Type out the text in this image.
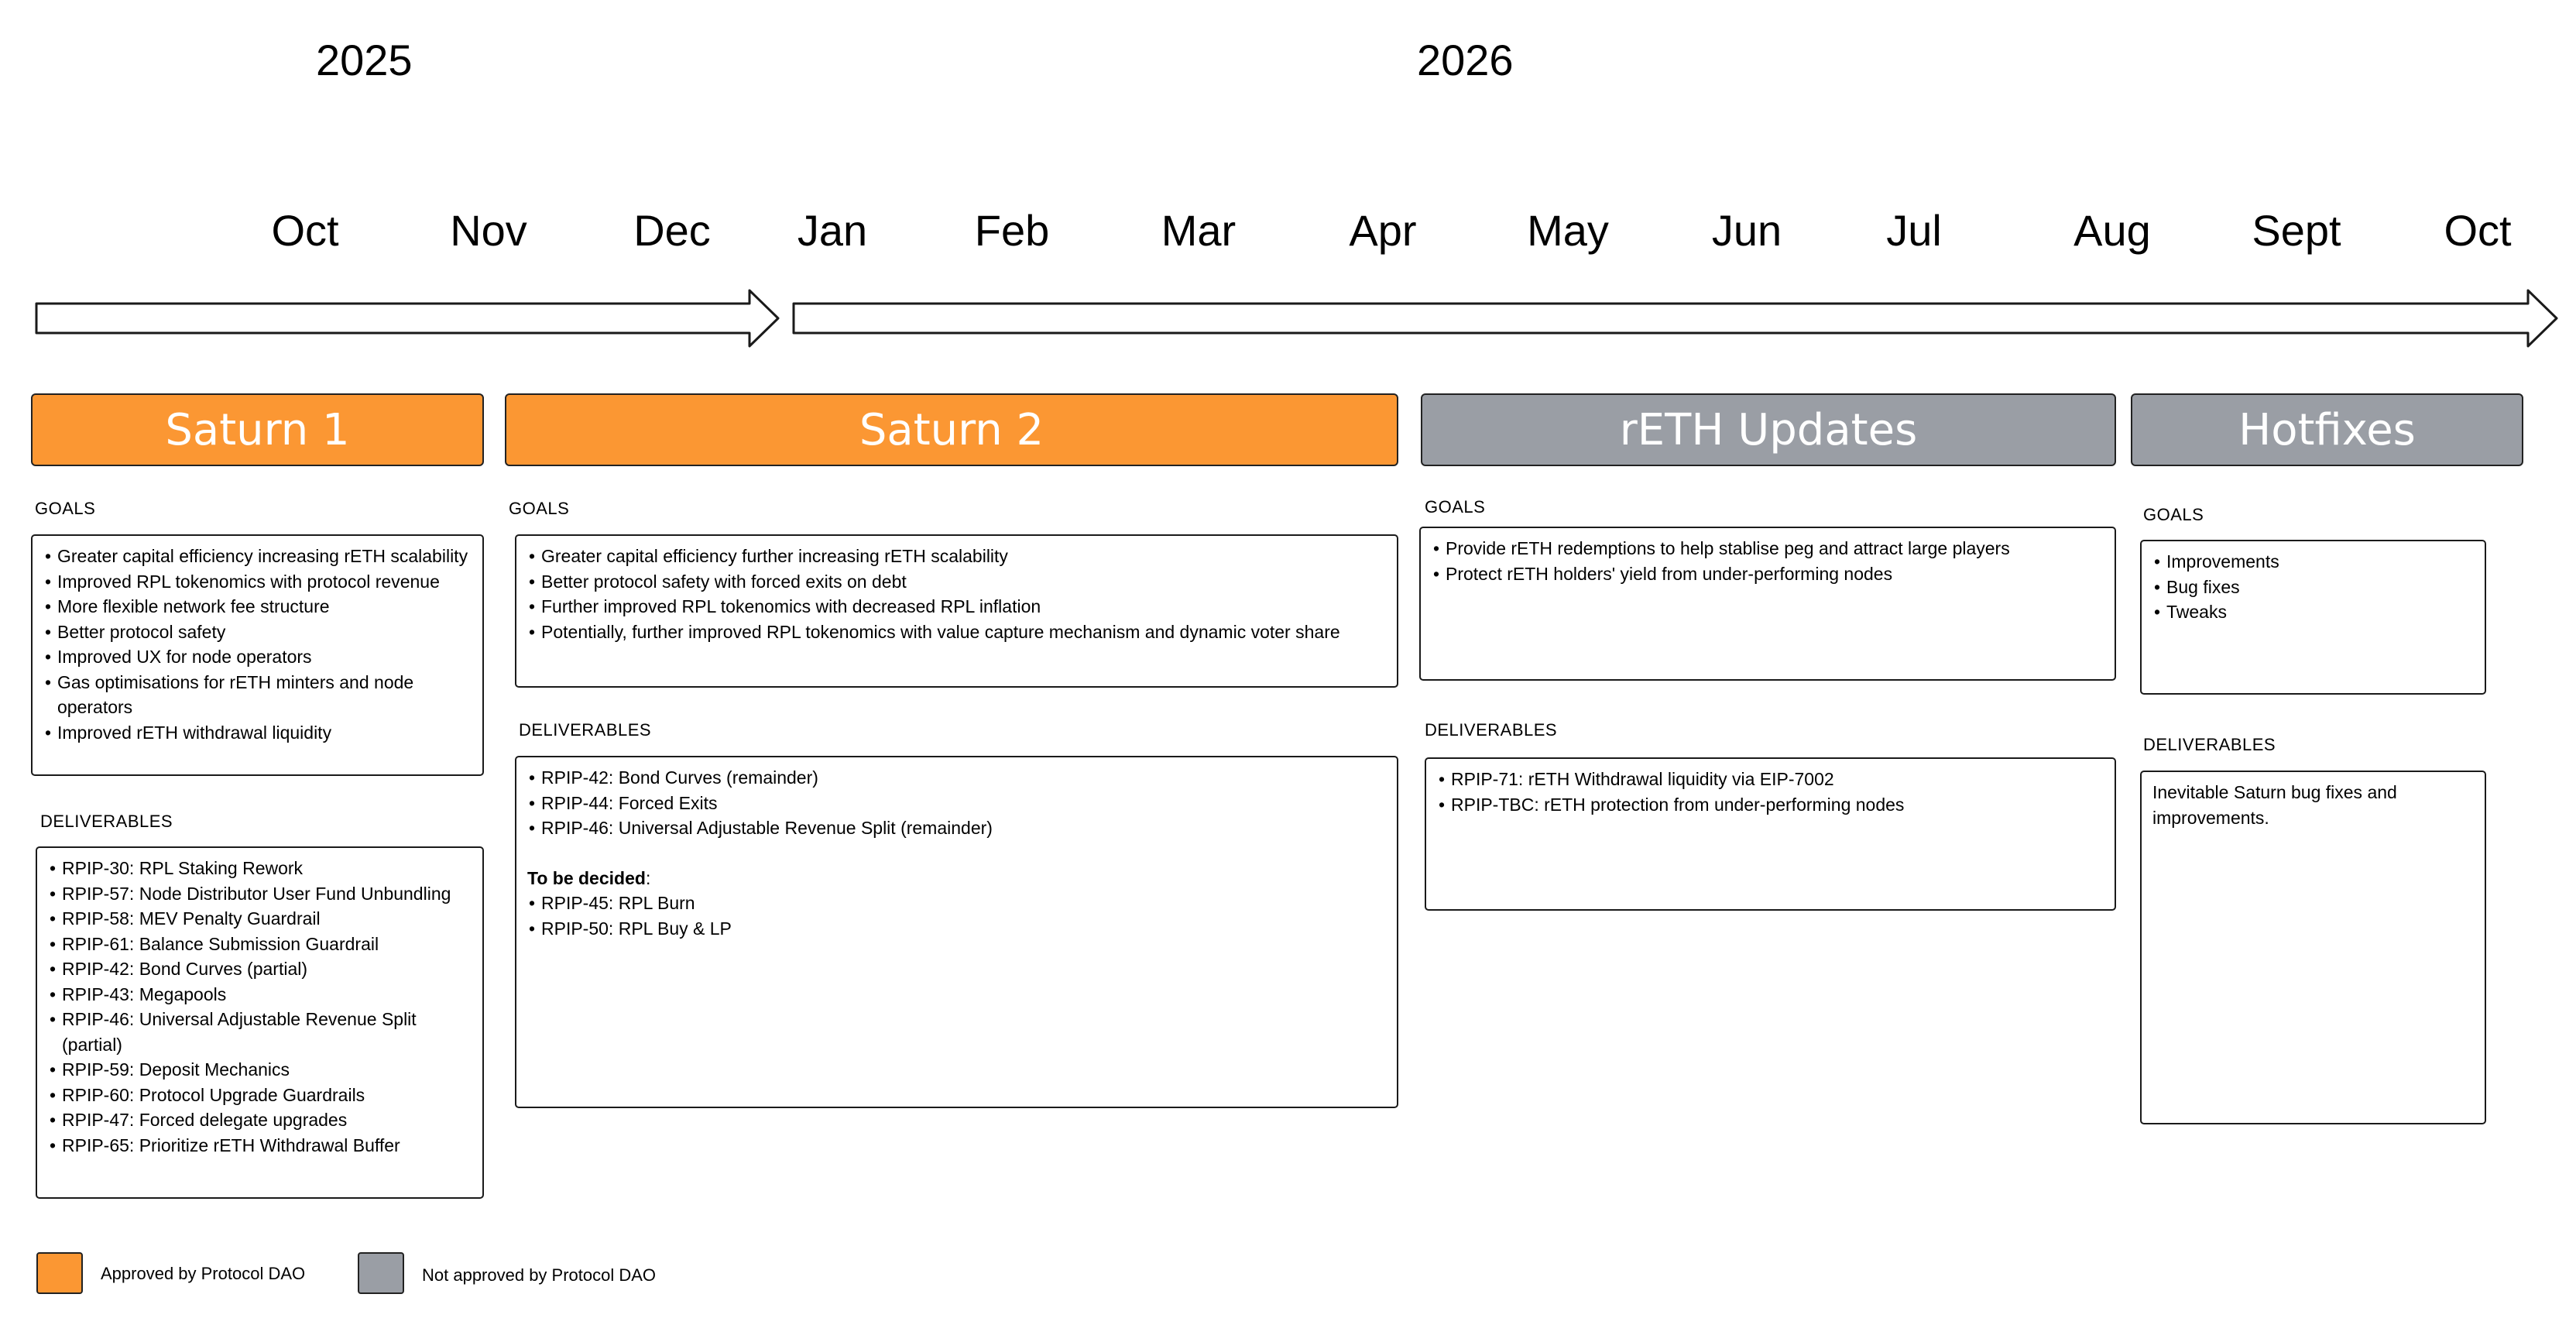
2025	2026
Oct	Nov	Dec	Jan	Feb	Mar	Apr	May	Jun	Jul	Aug	Sept	Oct
Saturn 1	Saturn 2	rETH Updates	Hotfixes
GOALS
• Greater capital efficiency increasing rETH scalability
• Improved RPL tokenomics with protocol revenue
• More flexible network fee structure
• Better protocol safety
• Improved UX for node operators
• Gas optimisations for rETH minters and node operators
• Improved rETH withdrawal liquidity
DELIVERABLES
• RPIP-30: RPL Staking Rework
• RPIP-57: Node Distributor User Fund Unbundling
• RPIP-58: MEV Penalty Guardrail
• RPIP-61: Balance Submission Guardrail
• RPIP-42: Bond Curves (partial)
• RPIP-43: Megapools
• RPIP-46: Universal Adjustable Revenue Split (partial)
• RPIP-59: Deposit Mechanics
• RPIP-60: Protocol Upgrade Guardrails
• RPIP-47: Forced delegate upgrades
• RPIP-65: Prioritize rETH Withdrawal Buffer
GOALS
• Greater capital efficiency further increasing rETH scalability
• Better protocol safety with forced exits on debt
• Further improved RPL tokenomics with decreased RPL inflation
• Potentially, further improved RPL tokenomics with value capture mechanism and dynamic voter share
DELIVERABLES
• RPIP-42: Bond Curves (remainder)
• RPIP-44: Forced Exits
• RPIP-46: Universal Adjustable Revenue Split (remainder)

To be decided:

• RPIP-45: RPL Burn
• RPIP-50: RPL Buy & LP
GOALS
• Provide rETH redemptions to help stablise peg and attract large players
• Protect rETH holders' yield from under-performing nodes
DELIVERABLES
• RPIP-71: rETH Withdrawal liquidity via EIP-7002
• RPIP-TBC: rETH protection from under-performing nodes
GOALS
• Improvements
• Bug fixes
• Tweaks
DELIVERABLES

Inevitable Saturn bug fixes and improvements.

Approved by Protocol DAO	Not approved by Protocol DAO
